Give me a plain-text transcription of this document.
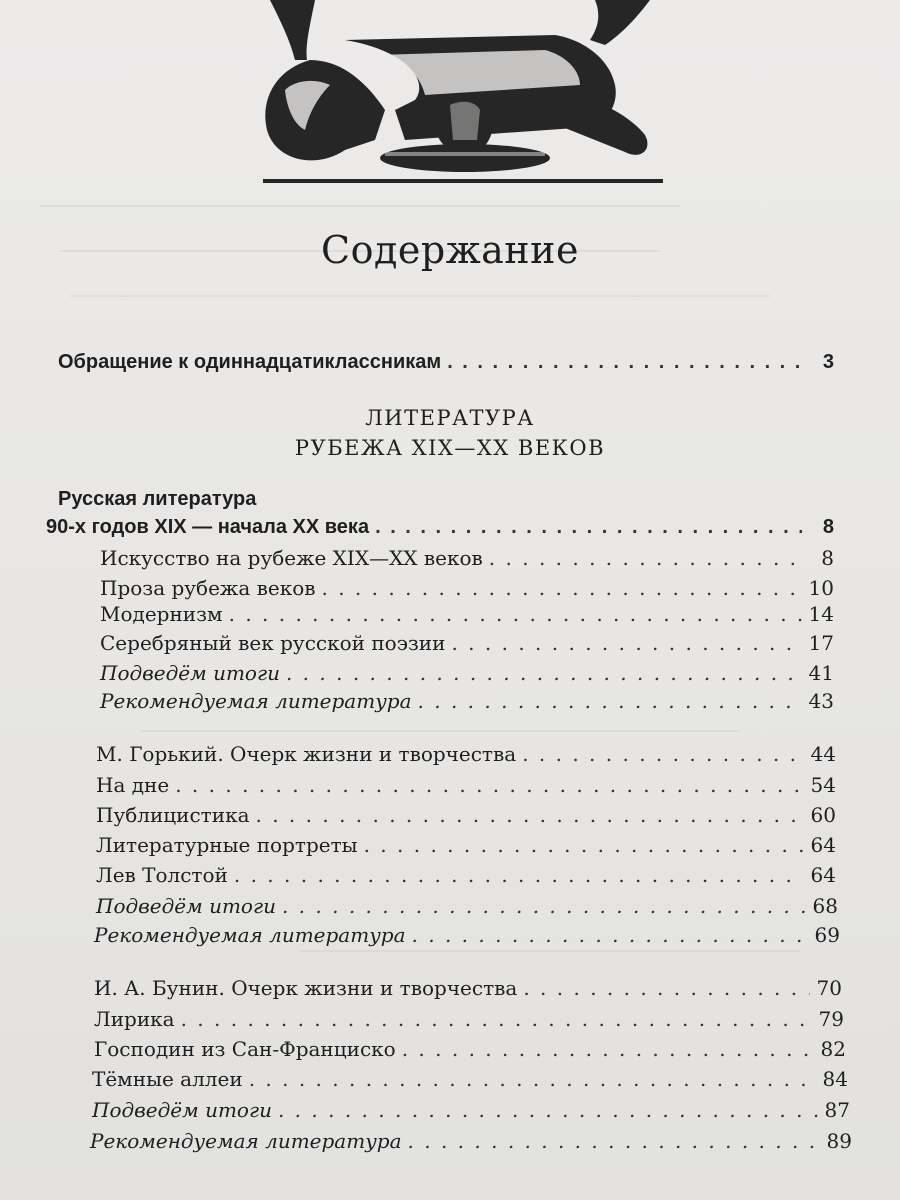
Содержание
Обращение к одиннадцатиклассникам . . .	3
ЛИТЕРАТУРА
РУБЕЖА XIX—XX ВЕКОВ
Русская литература
90-х годов XIX — начала XX века . . .	8
Искусство на рубеже XIX—XX веков . . .	8
Проза рубежа веков . . .	10
Модернизм . . .	14
Серебряный век русской поэзии . . .	17
Подведём итоги . . .	41
Рекомендуемая литература . . .	43
М. Горький. Очерк жизни и творчества . . .	44
На дне . . .	54
Публицистика . . .	60
Литературные портреты . . .	64
Лев Толстой . . .	64
Подведём итоги . . .	68
Рекомендуемая литература . . .	69
И. А. Бунин. Очерк жизни и творчества . . .	70
Лирика . . .	79
Господин из Сан-Франциско . . .	82
Тёмные аллеи . . .	84
Подведём итоги . . .	87
Рекомендуемая литература . . .	89
